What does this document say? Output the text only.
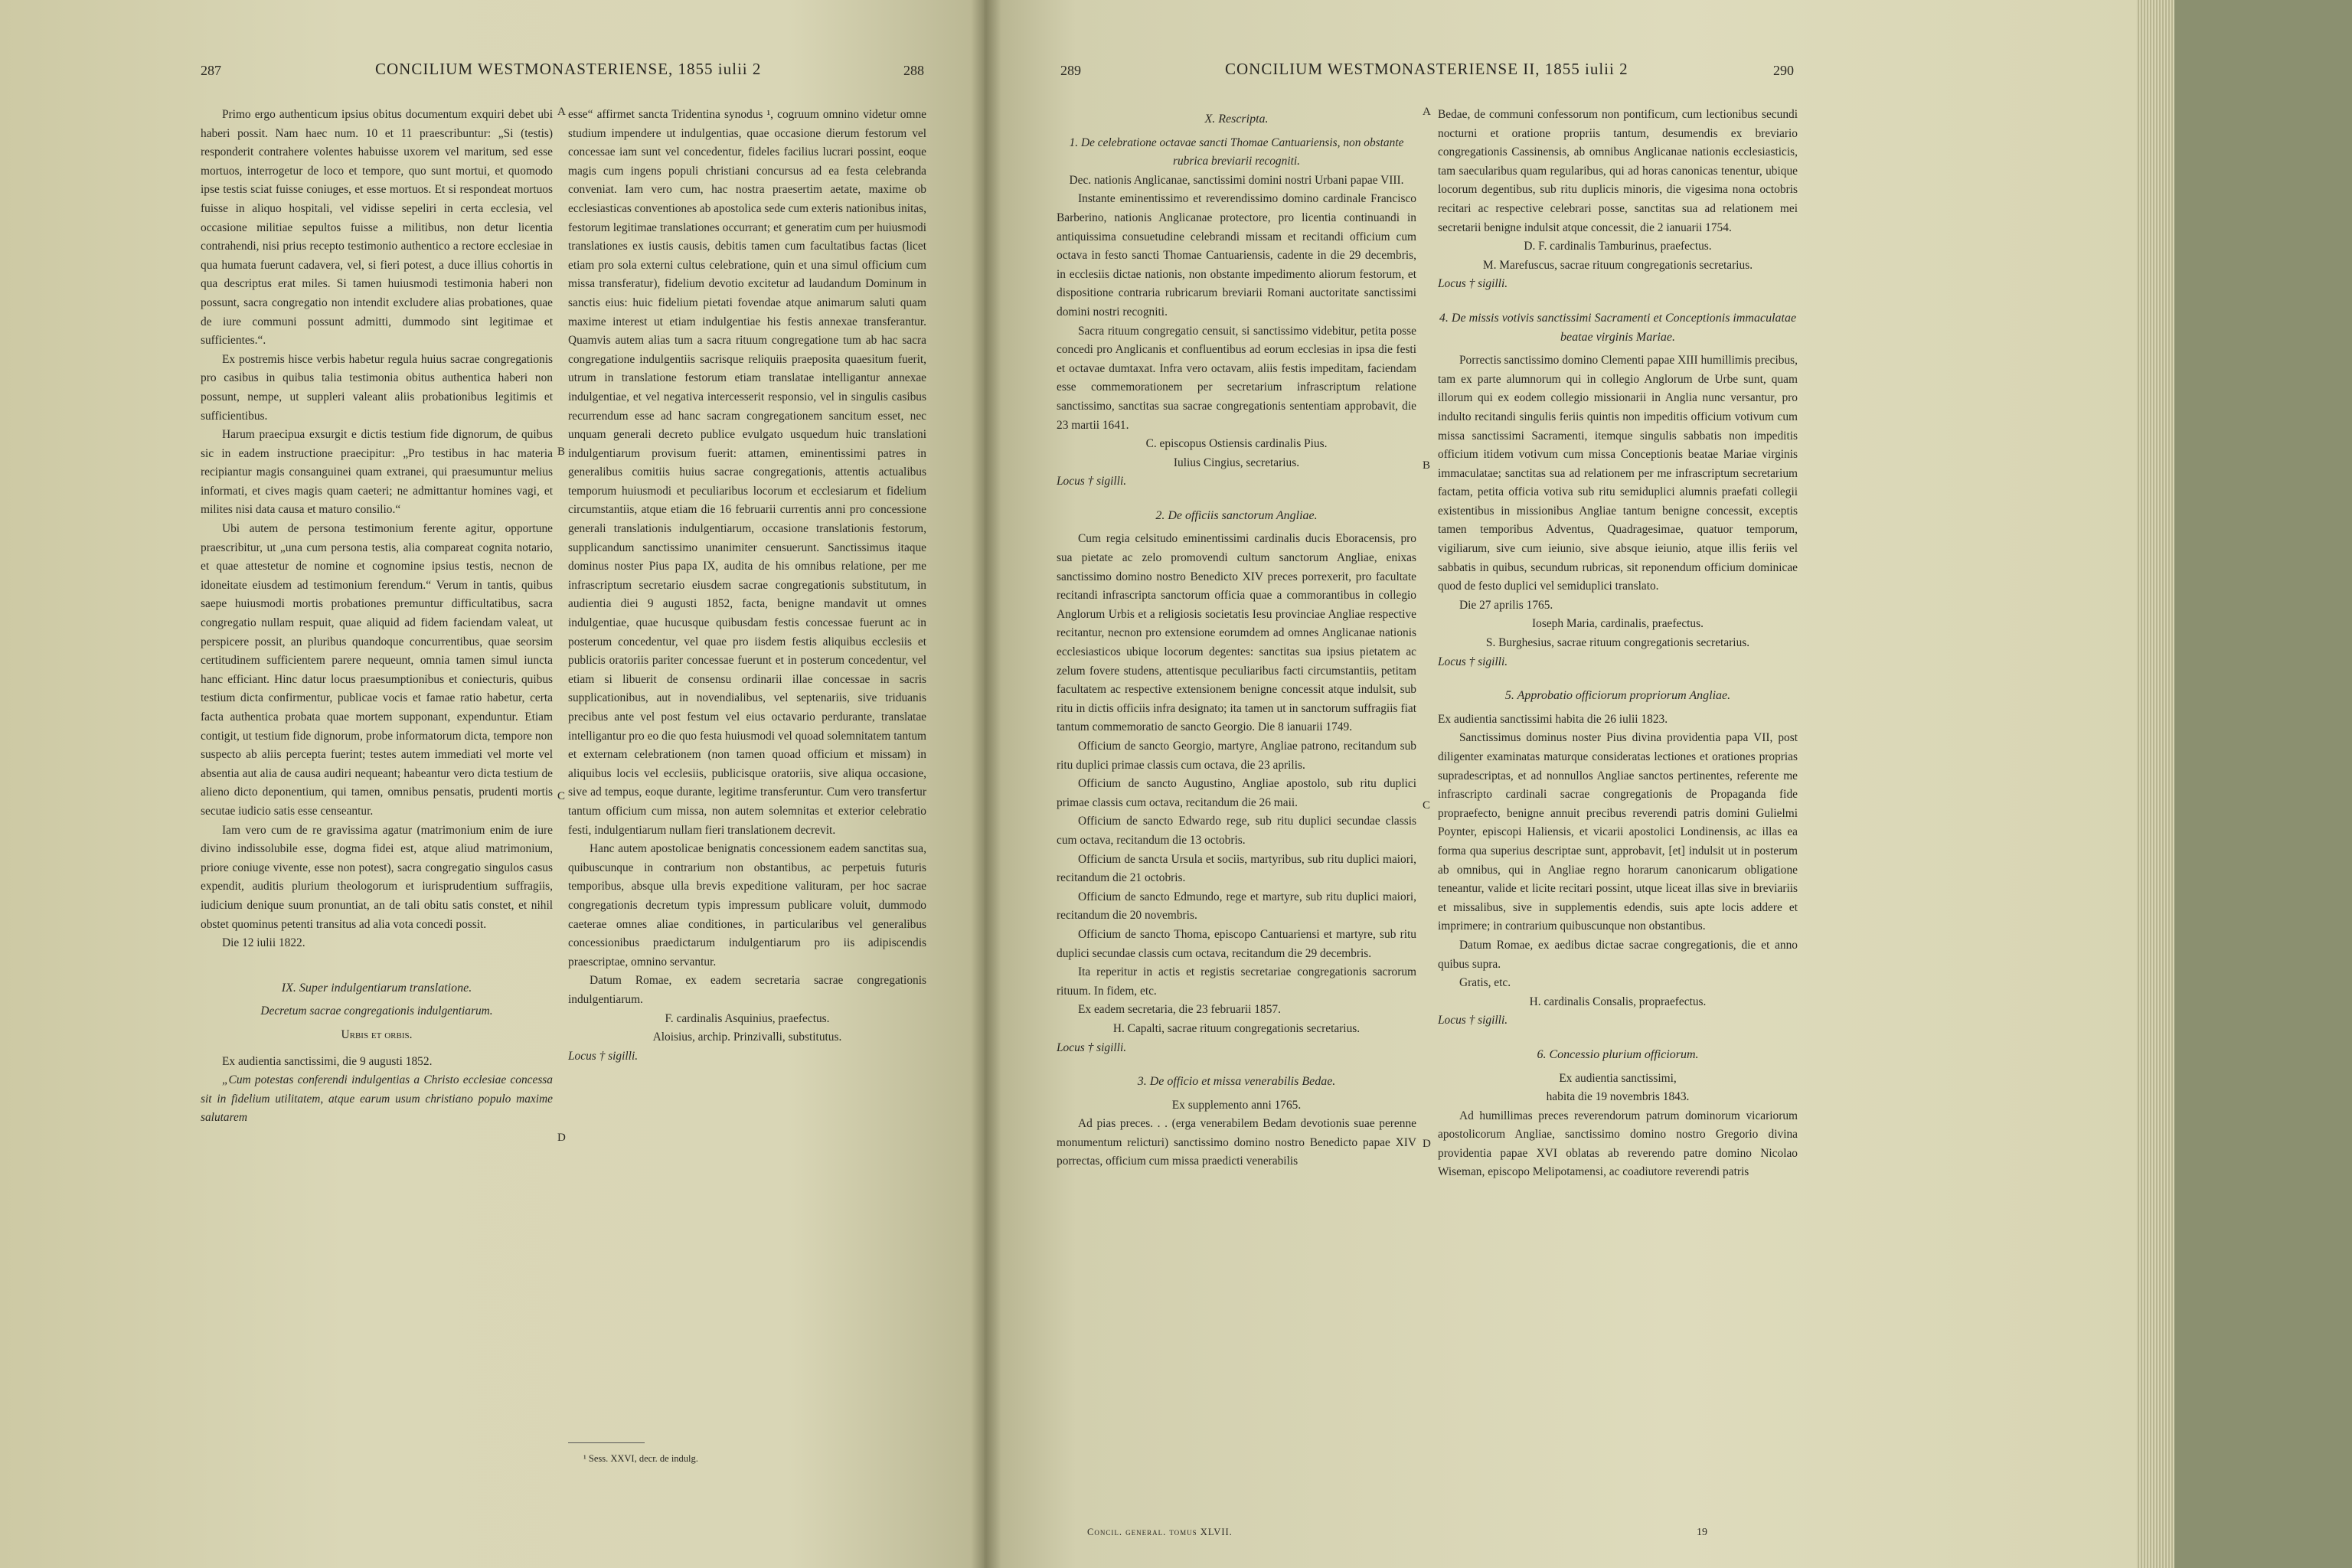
287	CONCILIUM WESTMONASTERIENSE, 1855 iulii 2	288

Primo ergo authenticum ipsius obitus documentum exquiri debet ubi haberi possit. Nam haec num. 10 et 11 praescribuntur: „Si (testis) responderit contrahere volentes habuisse uxorem vel maritum, sed esse mortuos, interrogetur de loco et tempore, quo sunt mortui, et quomodo ipse testis sciat fuisse coniuges, et esse mortuos. Et si respondeat mortuos fuisse in aliquo hospitali, vel vidisse sepeliri in certa ecclesia, vel occasione militiae sepultos fuisse a militibus, non detur licentia contrahendi, nisi prius recepto testimonio authentico a rectore ecclesiae in qua humata fuerunt cadavera, vel, si fieri potest, a duce illius cohortis in qua descriptus erat miles. Si tamen huiusmodi testimonia haberi non possunt, sacra congregatio non intendit excludere alias probationes, quae de iure communi possunt admitti, dummodo sint legitimae et sufficientes.“.

Ex postremis hisce verbis habetur regula huius sacrae congregationis pro casibus in quibus talia testimonia obitus authentica haberi non possunt, nempe, ut suppleri valeant aliis probationibus legitimis et sufficientibus.

Harum praecipua exsurgit e dictis testium fide dignorum, de quibus sic in eadem instructione praecipitur: „Pro testibus in hac materia recipiantur magis consanguinei quam extranei, qui praesumuntur melius informati, et cives magis quam caeteri; ne admittantur homines vagi, et milites nisi data causa et maturo consilio.“

Ubi autem de persona testimonium ferente agitur, opportune praescribitur, ut „una cum persona testis, alia compareat cognita notario, et quae attestetur de nomine et cognomine ipsius testis, necnon de idoneitate eiusdem ad testimonium ferendum.“ Verum in tantis, quibus saepe huiusmodi mortis probationes premuntur difficultatibus, sacra congregatio nullam respuit, quae aliquid ad fidem faciendam valeat, ut perspicere possit, an pluribus quandoque concurrentibus, quae seorsim certitudinem sufficientem parere nequeunt, omnia tamen simul iuncta hanc efficiant. Hinc datur locus praesumptionibus et coniecturis, quibus testium dicta confirmentur, publicae vocis et famae ratio habetur, certa facta authentica probata quae mortem supponant, expenduntur. Etiam contigit, ut testium fide dignorum, probe informatorum dicta, tempore non suspecto ab aliis percepta fuerint; testes autem immediati vel morte vel absentia aut alia de causa audiri nequeant; habeantur vero dicta testium de alieno dicto deponentium, qui tamen, omnibus pensatis, prudenti mortis secutae iudicio satis esse censeantur.

Iam vero cum de re gravissima agatur (matrimonium enim de iure divino indissolubile esse, dogma fidei est, atque aliud matrimonium, priore coniuge vivente, esse non potest), sacra congregatio singulos casus expendit, auditis plurium theologorum et iurisprudentium suffragiis, iudicium denique suum pronuntiat, an de tali obitu satis constet, et nihil obstet quominus petenti transitus ad alia vota concedi possit.

Die 12 iulii 1822.

IX. Super indulgentiarum translatione.

Decretum sacrae congregationis indulgentiarum.

Urbis et orbis.

Ex audientia sanctissimi, die 9 augusti 1852.

„Cum potestas conferendi indulgentias a Christo ecclesiae concessa sit in fidelium utilitatem, atque earum usum christiano populo maxime salutarem

esse“ affirmet sancta Tridentina synodus ¹, cogruum omnino videtur omne studium impendere ut indulgentias, quae occasione dierum festorum vel concessae iam sunt vel concedentur, fideles facilius lucrari possint, eoque magis cum ingens populi christiani concursus ad ea festa celebranda conveniat. Iam vero cum, hac nostra praesertim aetate, maxime ob ecclesiasticas conventiones ab apostolica sede cum exteris nationibus initas, festorum legitimae translationes occurrant; et generatim cum per huiusmodi translationes ex iustis causis, debitis tamen cum facultatibus factas (licet etiam pro sola externi cultus celebratione, quin et una simul officium cum missa transferatur), fidelium devotio excitetur ad laudandum Dominum in sanctis eius: huic fidelium pietati fovendae atque animarum saluti quam maxime interest ut etiam indulgentiae his festis annexae transferantur. Quamvis autem alias tum a sacra rituum congregatione tum ab hac sacra congregatione indulgentiis sacrisque reliquiis praeposita quaesitum fuerit, utrum in translatione festorum etiam translatae intelligantur annexae indulgentiae, et vel negativa intercesserit responsio, vel in singulis casibus recurrendum esse ad hanc sacram congregationem sancitum esset, nec unquam generali decreto publice evulgato usquedum huic translationi indulgentiarum provisum fuerit: attamen, eminentissimi patres in generalibus comitiis huius sacrae congregationis, attentis actualibus temporum huiusmodi et peculiaribus locorum et ecclesiarum et fidelium circumstantiis, atque etiam die 16 februarii currentis anni pro concessione generali translationis indulgentiarum, occasione translationis festorum, supplicandum sanctissimo unanimiter censuerunt. Sanctissimus itaque dominus noster Pius papa IX, audita de his omnibus relatione, per me infrascriptum secretario eiusdem sacrae congregationis substitutum, in audientia diei 9 augusti 1852, facta, benigne mandavit ut omnes indulgentiae, quae hucusque quibusdam festis concessae fuerunt ac in posterum concedentur, vel quae pro iisdem festis aliquibus ecclesiis et publicis oratoriis pariter concessae fuerunt et in posterum concedentur, vel etiam si libuerit de consensu ordinarii illae concessae in sacris supplicationibus, aut in novendialibus, vel septenariis, sive triduanis precibus ante vel post festum vel eius octavario perdurante, translatae intelligantur pro eo die quo festa huiusmodi vel quoad solemnitatem tantum et externam celebrationem (non tamen quoad officium et missam) in aliquibus locis vel ecclesiis, publicisque oratoriis, sive aliqua occasione, sive ad tempus, eoque durante, legitime transferuntur. Cum vero transfertur tantum officium cum missa, non autem solemnitas et exterior celebratio festi, indulgentiarum nullam fieri translationem decrevit.

Hanc autem apostolicae benignatis concessionem eadem sanctitas sua, quibuscunque in contrarium non obstantibus, ac perpetuis futuris temporibus, absque ulla brevis expeditione valituram, per hoc sacrae congregationis decretum typis impressum publicare voluit, dummodo caeterae omnes aliae conditiones, in particularibus vel generalibus concessionibus praedictarum indulgentiarum pro iis adipiscendis praescriptae, omnino servantur.

Datum Romae, ex eadem secretaria sacrae congregationis indulgentiarum.

F. cardinalis Asquinius, praefectus.

Aloisius, archip. Prinzivalli, substitutus.

Locus † sigilli.

¹ Sess. XXVI, decr. de indulg.
A
B
C
D
289	CONCILIUM WESTMONASTERIENSE II, 1855 iulii 2	290
X. Rescripta.

1. De celebratione octavae sancti Thomae Cantuariensis, non obstante rubrica breviarii recogniti.

Dec. nationis Anglicanae, sanctissimi domini nostri Urbani papae VIII.

Instante eminentissimo et reverendissimo domino cardinale Francisco Barberino, nationis Anglicanae protectore, pro licentia continuandi in antiquissima consuetudine celebrandi missam et recitandi officium cum octava in festo sancti Thomae Cantuariensis, cadente in die 29 decembris, in ecclesiis dictae nationis, non obstante impedimento aliorum festorum, et dispositione contraria rubricarum breviarii Romani auctoritate sanctissimi domini nostri recogniti.

Sacra rituum congregatio censuit, si sanctissimo videbitur, petita posse concedi pro Anglicanis et confluentibus ad eorum ecclesias in ipsa die festi et octavae dumtaxat. Infra vero octavam, aliis festis impeditam, faciendam esse commemorationem per secretarium infrascriptum relatione sanctissimo, sanctitas sua sacrae congregationis sententiam approbavit, die 23 martii 1641.

C. episcopus Ostiensis cardinalis Pius.

Iulius Cingius, secretarius.

Locus † sigilli.

2. De officiis sanctorum Angliae.

Cum regia celsitudo eminentissimi cardinalis ducis Eboracensis, pro sua pietate ac zelo promovendi cultum sanctorum Angliae, enixas sanctissimo domino nostro Benedicto XIV preces porrexerit, pro facultate recitandi infrascripta sanctorum officia quae a commorantibus in collegio Anglorum Urbis et a religiosis societatis Iesu provinciae Angliae respective recitantur, necnon pro extensione eorumdem ad omnes Anglicanae nationis ecclesiasticos ubique locorum degentes: sanctitas sua ipsius pietatem ac zelum fovere studens, attentisque peculiaribus facti circumstantiis, petitam facultatem ac respective extensionem benigne concessit atque indulsit, sub ritu in dictis officiis infra designato; ita tamen ut in sanctorum suffragiis fiat tantum commemoratio de sancto Georgio. Die 8 ianuarii 1749.

Officium de sancto Georgio, martyre, Angliae patrono, recitandum sub ritu duplici primae classis cum octava, die 23 aprilis.

Officium de sancto Augustino, Angliae apostolo, sub ritu duplici primae classis cum octava, recitandum die 26 maii.

Officium de sancto Edwardo rege, sub ritu duplici secundae classis cum octava, recitandum die 13 octobris.

Officium de sancta Ursula et sociis, martyribus, sub ritu duplici maiori, recitandum die 21 octobris.

Officium de sancto Edmundo, rege et martyre, sub ritu duplici maiori, recitandum die 20 novembris.

Officium de sancto Thoma, episcopo Cantuariensi et martyre, sub ritu duplici secundae classis cum octava, recitandum die 29 decembris.

Ita reperitur in actis et registis secretariae congregationis sacrorum rituum. In fidem, etc.

Ex eadem secretaria, die 23 februarii 1857.

H. Capalti, sacrae rituum congregationis secretarius.

Locus † sigilli.

3. De officio et missa venerabilis Bedae.

Ex supplemento anni 1765.

Ad pias preces. . . (erga venerabilem Bedam devotionis suae perenne monumentum relicturi) sanctissimo domino nostro Benedicto papae XIV porrectas, officium cum missa praedicti venerabilis

Concil. general. tomus XLVII.

Bedae, de communi confessorum non pontificum, cum lectionibus secundi nocturni et oratione propriis tantum, desumendis ex breviario congregationis Cassinensis, ab omnibus Anglicanae nationis ecclesiasticis, tam saecularibus quam regularibus, qui ad horas canonicas tenentur, ubique locorum degentibus, sub ritu duplicis minoris, die vigesima nona octobris recitari ac respective celebrari posse, sanctitas sua ad relationem mei secretarii benigne indulsit atque concessit, die 2 ianuarii 1754.

D. F. cardinalis Tamburinus, praefectus.

M. Marefuscus, sacrae rituum congregationis secretarius.

Locus † sigilli.

4. De missis votivis sanctissimi Sacramenti et Conceptionis immaculatae beatae virginis Mariae.

Porrectis sanctissimo domino Clementi papae XIII humillimis precibus, tam ex parte alumnorum qui in collegio Anglorum de Urbe sunt, quam illorum qui ex eodem collegio missionarii in Anglia nunc versantur, pro indulto recitandi singulis feriis quintis non impeditis officium votivum cum missa sanctissimi Sacramenti, itemque singulis sabbatis non impeditis officium itidem votivum cum missa Conceptionis beatae Mariae virginis immaculatae; sanctitas sua ad relationem per me infrascriptum secretarium factam, petita officia votiva sub ritu semiduplici alumnis praefati collegii existentibus in missionibus Angliae tantum benigne concessit, exceptis tamen temporibus Adventus, Quadragesimae, quatuor temporum, vigiliarum, sive cum ieiunio, sive absque ieiunio, atque illis feriis vel sabbatis in quibus, secundum rubricas, sit reponendum officium dominicae quod de festo duplici vel semiduplici translato.

Die 27 aprilis 1765.

Ioseph Maria, cardinalis, praefectus.

S. Burghesius, sacrae rituum congregationis secretarius.

Locus † sigilli.

5. Approbatio officiorum propriorum Angliae.

Ex audientia sanctissimi habita die 26 iulii 1823.

Sanctissimus dominus noster Pius divina providentia papa VII, post diligenter examinatas maturque consideratas lectiones et orationes proprias supradescriptas, et ad nonnullos Angliae sanctos pertinentes, referente me infrascripto cardinali sacrae congregationis de Propaganda fide propraefecto, benigne annuit precibus reverendi patris domini Gulielmi Poynter, episcopi Haliensis, et vicarii apostolici Londinensis, ac illas ea forma qua superius descriptae sunt, approbavit, [et] indulsit ut in posterum ab omnibus, qui in Angliae regno horarum canonicarum obligatione teneantur, valide et licite recitari possint, utque liceat illas sive in breviariis et missalibus, sive in supplementis edendis, suis apte locis addere et imprimere; in contrarium quibuscunque non obstantibus.

Datum Romae, ex aedibus dictae sacrae congregationis, die et anno quibus supra.

Gratis, etc.

H. cardinalis Consalis, propraefectus.

Locus † sigilli.

6. Concessio plurium officiorum.

Ex audientia sanctissimi,

habita die 19 novembris 1843.

Ad humillimas preces reverendorum patrum dominorum vicariorum apostolicorum Angliae, sanctissimo domino nostro Gregorio divina providentia papae XVI oblatas ab reverendo patre domino Nicolao Wiseman, episcopo Melipotamensi, ac coadiutore reverendi patris

19
A
B
C
D
